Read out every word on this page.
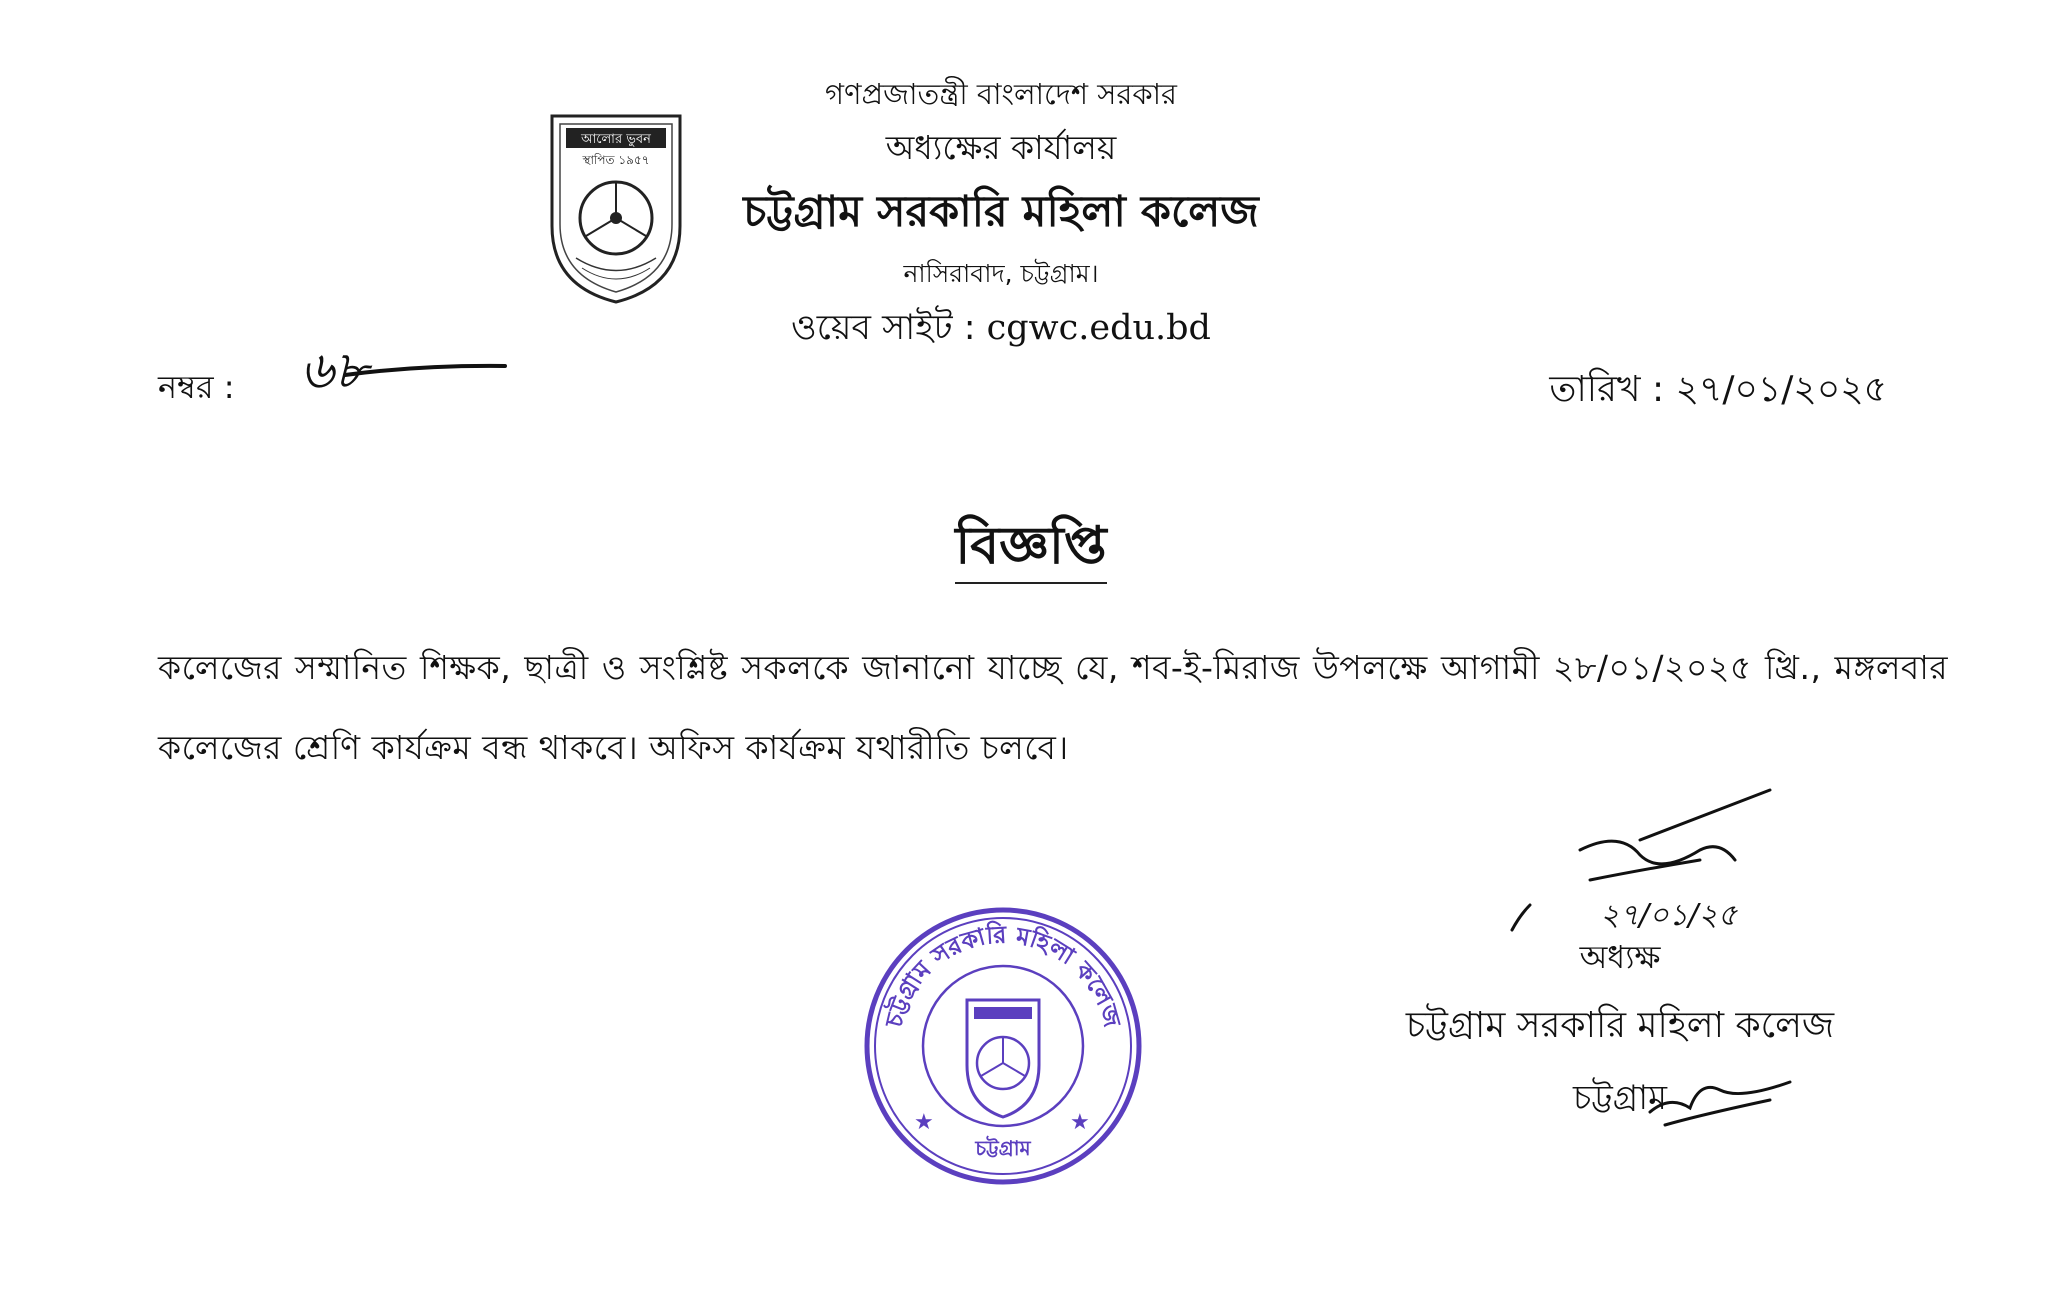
আলোর ভুবন
স্থাপিত ১৯৫৭
গণপ্রজাতন্ত্রী বাংলাদেশ সরকার
অধ্যক্ষের কার্যালয়
চট্টগ্রাম সরকারি মহিলা কলেজ
নাসিরাবাদ, চট্টগ্রাম।
ওয়েব সাইট : cgwc.edu.bd
নম্বর :	তারিখ : ২৭/০১/২০২৫
বিজ্ঞপ্তি
কলেজের সম্মানিত শিক্ষক, ছাত্রী ও সংশ্লিষ্ট সকলকে জানানো যাচ্ছে যে, শব-ই-মিরাজ উপলক্ষে আগামী ২৮/০১/২০২৫ খ্রি., মঙ্গলবার কলেজের শ্রেণি কার্যক্রম বন্ধ থাকবে। অফিস কার্যক্রম যথারীতি চলবে।
চট্টগ্রাম সরকারি মহিলা কলেজ
চট্টগ্রাম
★	★
৬৮
২৭/০১/২৫
অধ্যক্ষ
চট্টগ্রাম সরকারি মহিলা কলেজ
চট্টগ্রাম
